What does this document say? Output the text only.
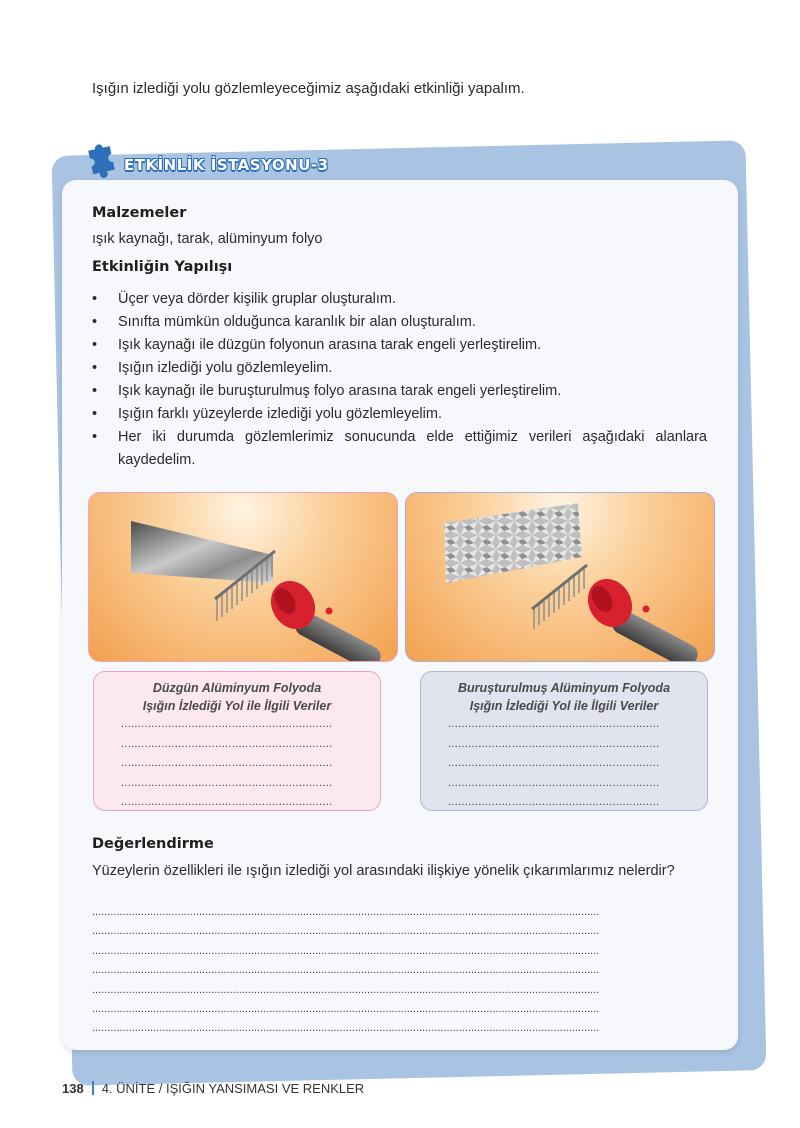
Işığın izlediği yolu gözlemleyeceğimiz aşağıdaki etkinliği yapalım.
ETKİNLİK İSTASYONU-3
Malzemeler
ışık kaynağı, tarak, alüminyum folyo
Etkinliğin Yapılışı
• Üçer veya dörder kişilik gruplar oluşturalım.
• Sınıfta mümkün olduğunca karanlık bir alan oluşturalım.
• Işık kaynağı ile düzgün folyonun arasına tarak engeli yerleştirelim.
• Işığın izlediği yolu gözlemleyelim.
• Işık kaynağı ile buruşturulmuş folyo arasına tarak engeli yerleştirelim.
• Işığın farklı yüzeylerde izlediği yolu gözlemleyelim.
• Her iki durumda gözlemlerimiz sonucunda elde ettiğimiz verileri aşağıdaki alanlara kaydedelim.
Düzgün Alüminyum Folyoda
Işığın İzlediği Yol ile İlgili Veriler
...............................................................
...............................................................
...............................................................
...............................................................
...............................................................
Buruşturulmuş Alüminyum Folyoda
Işığın İzlediği Yol ile İlgili Veriler
...............................................................
...............................................................
...............................................................
...............................................................
...............................................................
Değerlendirme
Yüzeylerin özellikleri ile ışığın izlediği yol arasındaki ilişkiye yönelik çıkarımlarımız nelerdir?
......................................................................................................................................................................
......................................................................................................................................................................
......................................................................................................................................................................
......................................................................................................................................................................
......................................................................................................................................................................
......................................................................................................................................................................
......................................................................................................................................................................
138 4. ÜNİTE / IŞIĞIN YANSIMASI VE RENKLER
